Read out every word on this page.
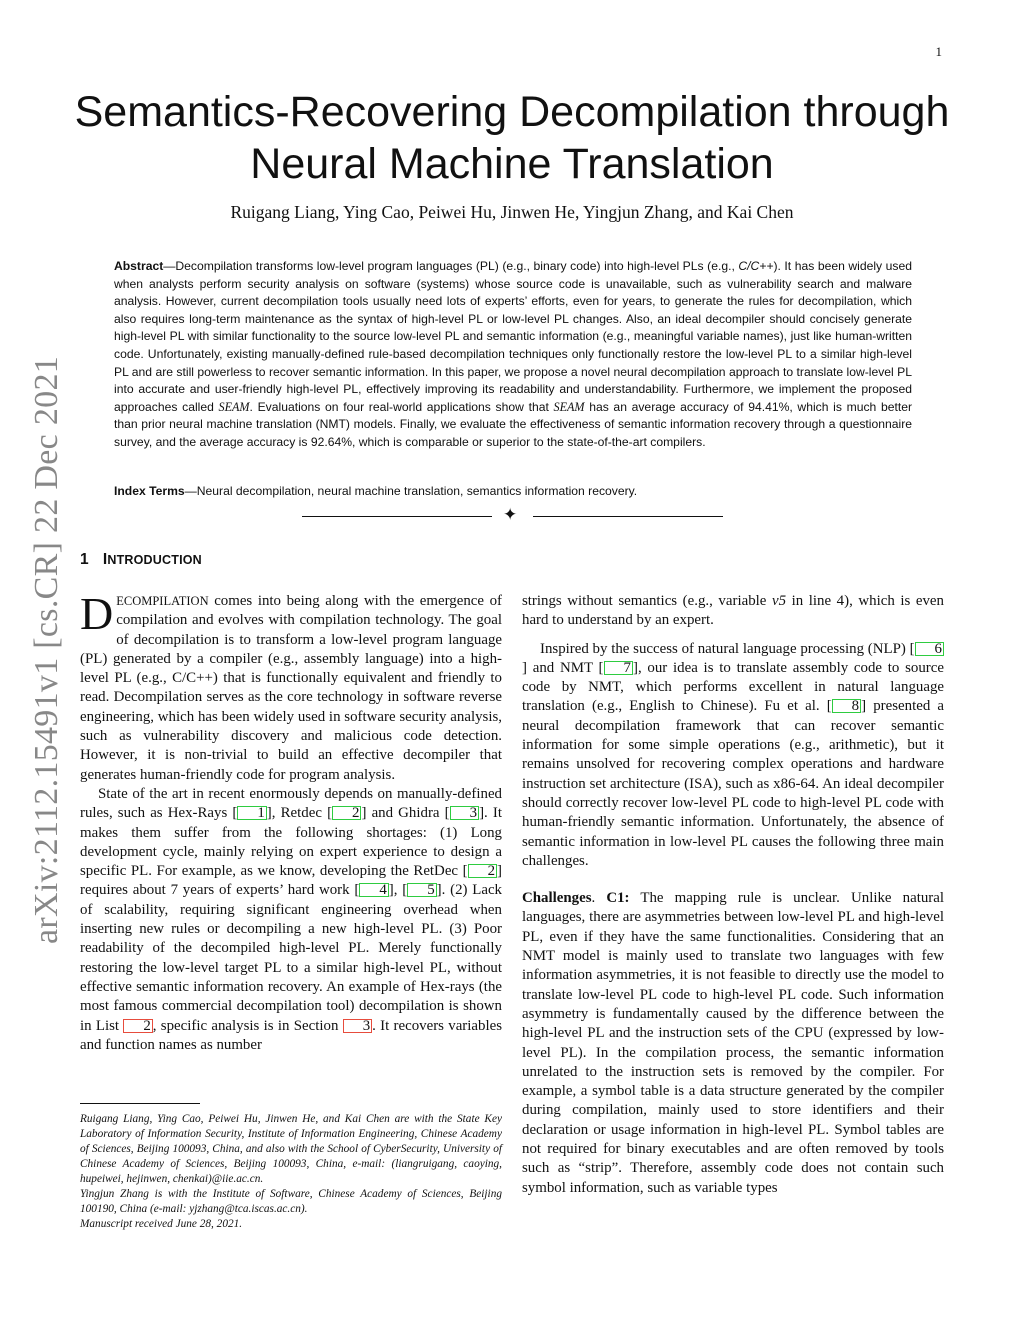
1
Semantics-Recovering Decompilation through
Neural Machine Translation
Ruigang Liang, Ying Cao, Peiwei Hu, Jinwen He, Yingjun Zhang, and Kai Chen
Abstract—Decompilation transforms low-level program languages (PL) (e.g., binary code) into high-level PLs (e.g., C/C++). It has been widely used when analysts perform security analysis on software (systems) whose source code is unavailable, such as vulnerability search and malware analysis. However, current decompilation tools usually need lots of experts’ efforts, even for years, to generate the rules for decompilation, which also requires long-term maintenance as the syntax of high-level PL or low-level PL changes. Also, an ideal decompiler should concisely generate high-level PL with similar functionality to the source low-level PL and semantic information (e.g., meaningful variable names), just like human-written code. Unfortunately, existing manually-defined rule-based decompilation techniques only functionally restore the low-level PL to a similar high-level PL and are still powerless to recover semantic information. In this paper, we propose a novel neural decompilation approach to translate low-level PL into accurate and user-friendly high-level PL, effectively improving its readability and understandability. Furthermore, we implement the proposed approaches called SEAM. Evaluations on four real-world applications show that SEAM has an average accuracy of 94.41%, which is much better than prior neural machine translation (NMT) models. Finally, we evaluate the effectiveness of semantic information recovery through a questionnaire survey, and the average accuracy is 92.64%, which is comparable or superior to the state-of-the-art compilers.
Index Terms—Neural decompilation, neural machine translation, semantics information recovery.
✦
1 INTRODUCTION

DECOMPILATION comes into being along with the emergence of compilation and evolves with compilation technology. The goal of decompilation is to transform a low-level program language (PL) generated by a compiler (e.g., assembly language) into a high-level PL (e.g., C/C++) that is functionally equivalent and friendly to read. Decompilation serves as the core technology in software reverse engineering, which has been widely used in software security analysis, such as vulnerability discovery and malicious code detection. However, it is non-trivial to build an effective decompiler that generates human-friendly code for program analysis.

State of the art in recent enormously depends on manually-defined rules, such as Hex-Rays [ 1 ], Retdec [ 2 ] and Ghidra [ 3 ]. It makes them suffer from the following shortages: (1) Long development cycle, mainly relying on expert experience to design a specific PL. For example, as we know, developing the RetDec [ 2 ] requires about 7 years of experts’ hard work [ 4 ], [ 5 ]. (2) Lack of scalability, requiring significant engineering overhead when inserting new rules or decompiling a new high-level PL. (3) Poor readability of the decompiled high-level PL. Merely functionally restoring the low-level target PL to a similar high-level PL, without effective semantic information recovery. An example of Hex-rays (the most famous commercial decompilation tool) decompilation is shown in List 2 , specific analysis is in Section 3 . It recovers variables and function names as number

Ruigang Liang, Ying Cao, Peiwei Hu, Jinwen He, and Kai Chen are with the State Key Laboratory of Information Security, Institute of Information Engineering, Chinese Academy of Sciences, Beijing 100093, China, and also with the School of CyberSecurity, University of Chinese Academy of Sciences, Beijing 100093, China, e-mail: (liangruigang, caoying, hupeiwei, hejinwen, chenkai)@iie.ac.cn.

Yingjun Zhang is with the Institute of Software, Chinese Academy of Sciences, Beijing 100190, China (e-mail: yjzhang@tca.iscas.ac.cn).

Manuscript received June 28, 2021.

strings without semantics (e.g., variable v5 in line 4), which is even hard to understand by an expert.

Inspired by the success of natural language processing (NLP) [ 6] and NMT [ 7 ], our idea is to translate assembly code to source code by NMT, which performs excellent in natural language translation (e.g., English to Chinese). Fu et al. [ 8 ] presented a neural decompilation framework that can recover semantic information for some simple operations (e.g., arithmetic), but it remains unsolved for recovering complex operations and hardware instruction set architecture (ISA), such as x86-64. An ideal decompiler should correctly recover low-level PL code to high-level PL code with human-friendly semantic information. Unfortunately, the absence of semantic information in low-level PL causes the following three main challenges.

Challenges. C1: The mapping rule is unclear. Unlike natural languages, there are asymmetries between low-level PL and high-level PL, even if they have the same functionalities. Considering that an NMT model is mainly used to translate two languages with few information asymmetries, it is not feasible to directly use the model to translate low-level PL code to high-level PL code. Such information asymmetry is fundamentally caused by the difference between the high-level PL and the instruction sets of the CPU (expressed by low-level PL). In the compilation process, the semantic information unrelated to the instruction sets is removed by the compiler. For example, a symbol table is a data structure generated by the compiler during compilation, mainly used to store identifiers and their declaration or usage information in high-level PL. Symbol tables are not required for binary executables and are often removed by tools such as “strip”. Therefore, assembly code does not contain such symbol information, such as variable types

arXiv:2112.15491v1 [cs.CR] 22 Dec 2021
